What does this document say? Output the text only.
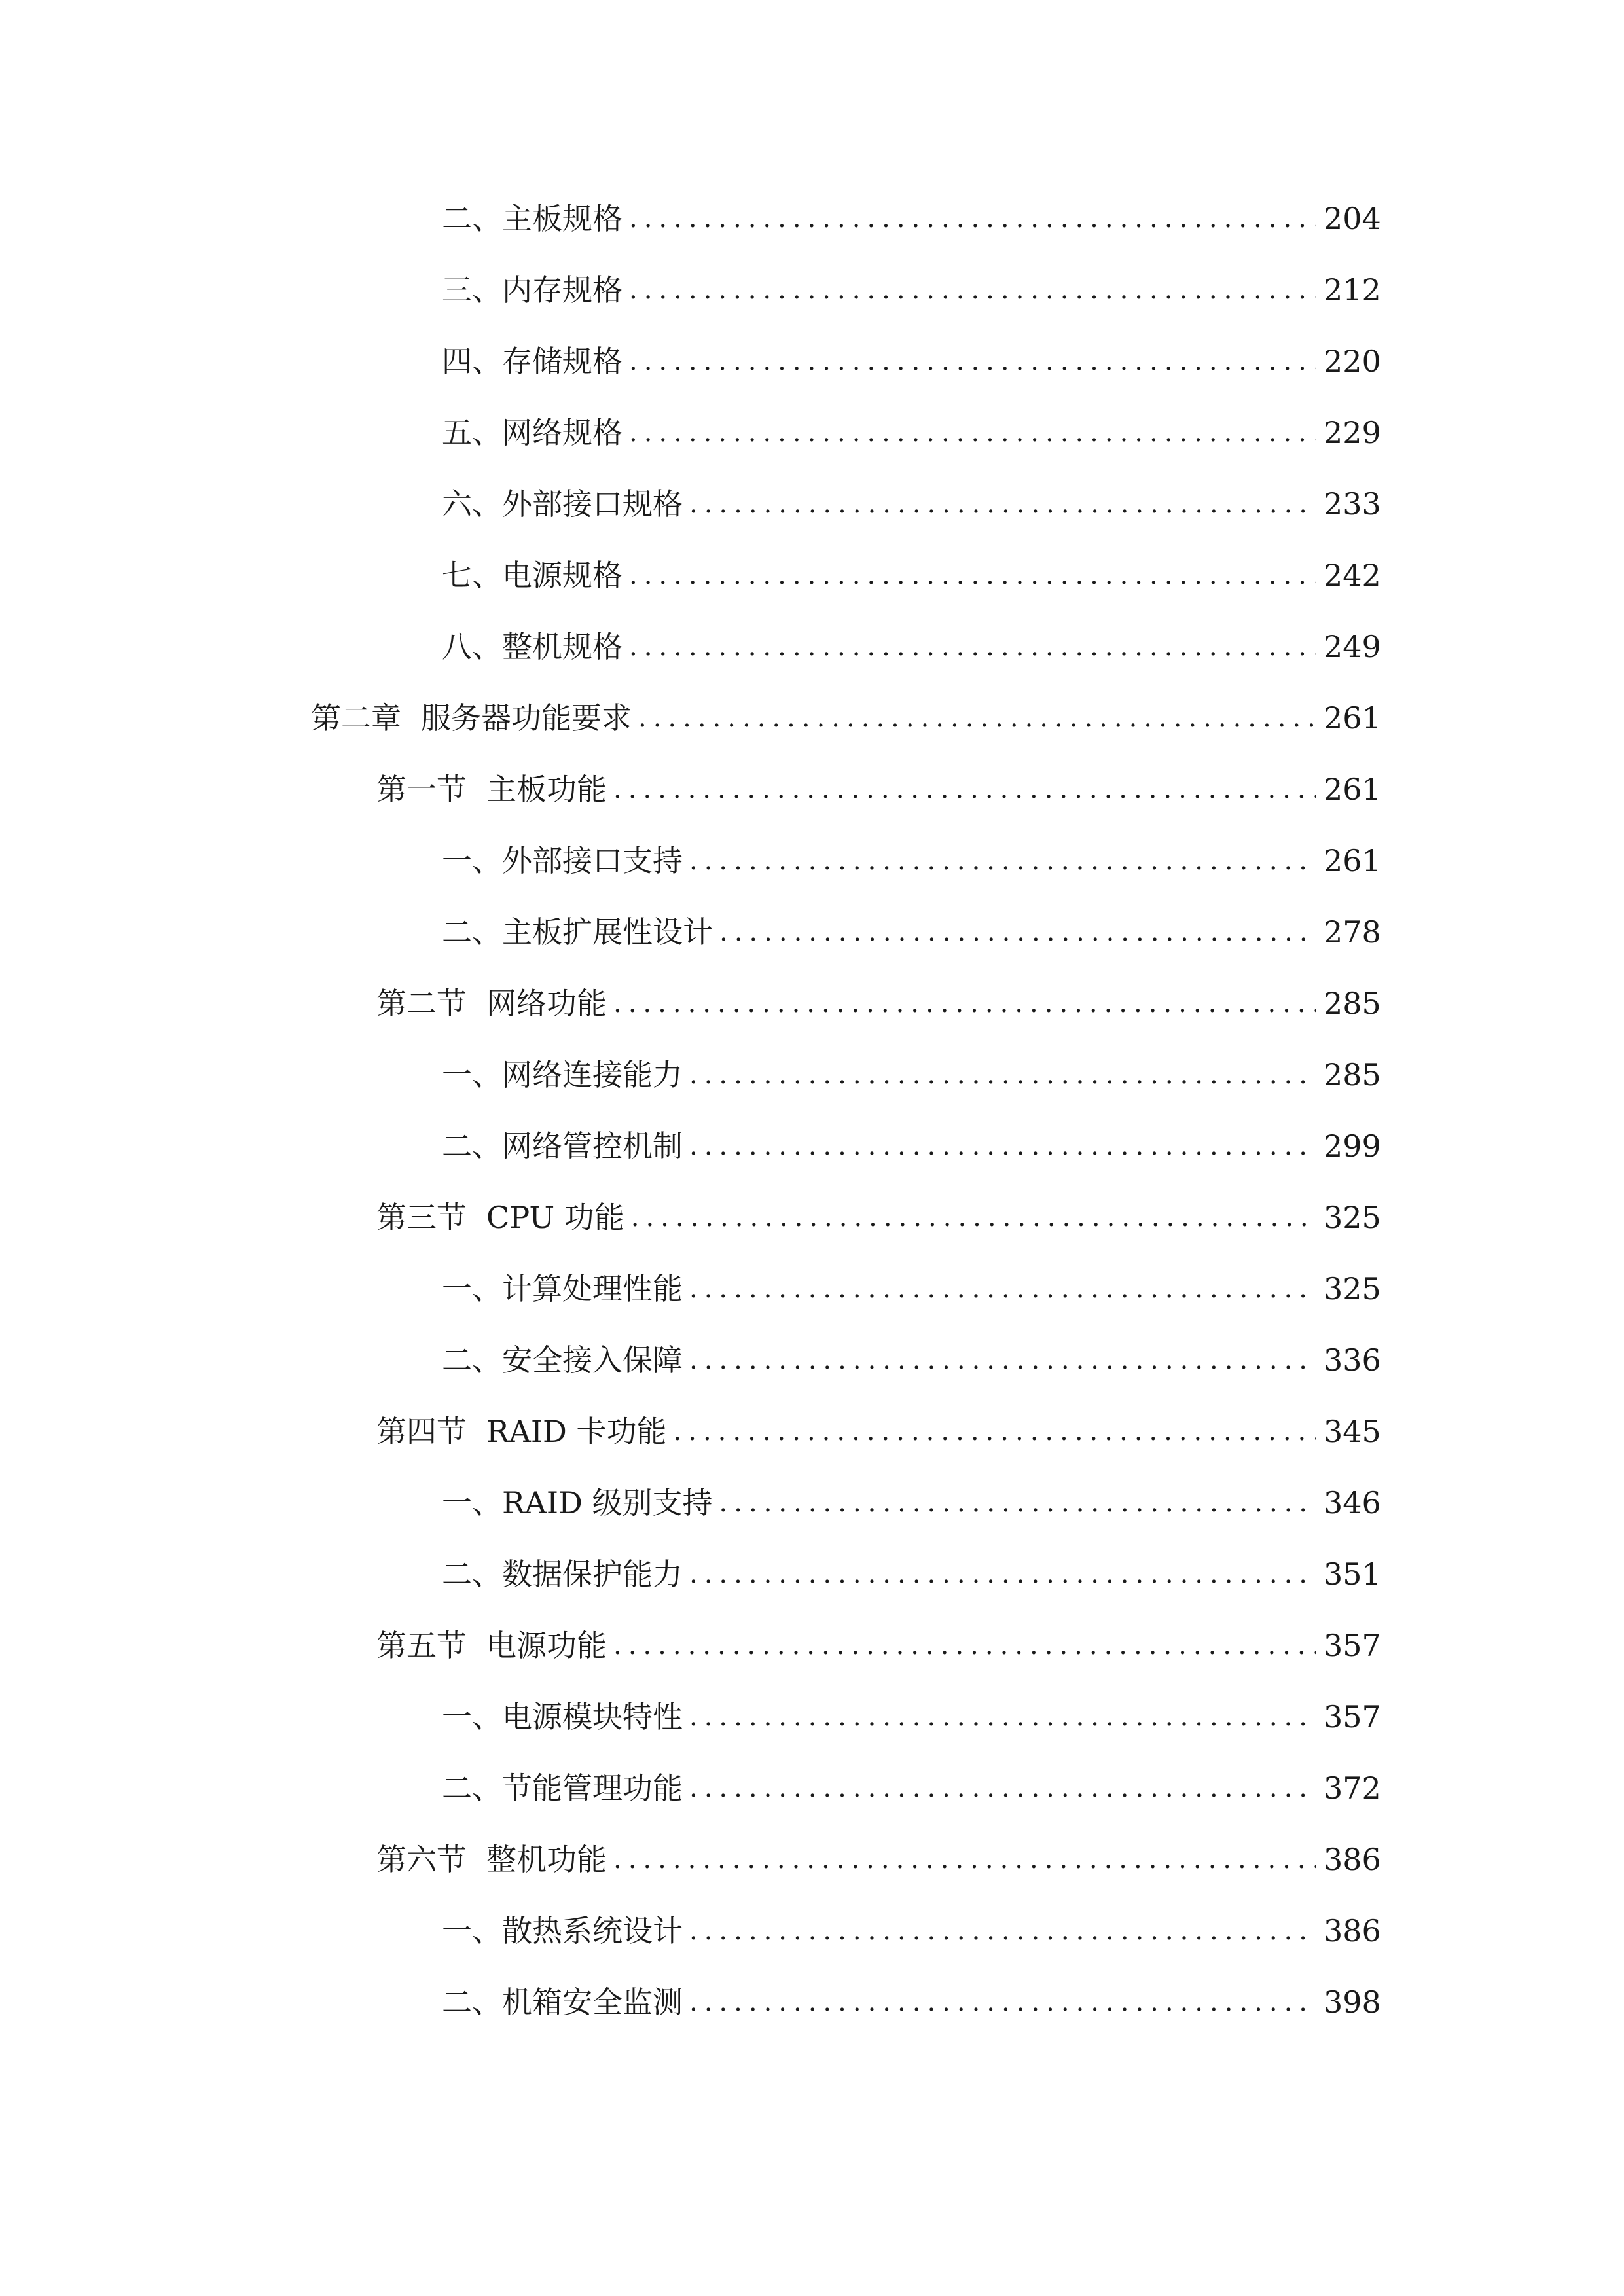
二、 主板规格 .....	204
三、 内存规格 .....	212
四、 存储规格 .....	220
五、 网络规格 .....	229
六、 外部接口规格 .....	233
七、 电源规格 .....	242
八、 整机规格 .....	249
第二章 服务器功能要求 .....	261
第一节 主板功能 .....	261
一、 外部接口支持 .....	261
二、 主板扩展性设计 .....	278
第二节 网络功能 .....	285
一、 网络连接能力 .....	285
二、 网络管控机制 .....	299
第三节 CPU 功能 .....	325
一、 计算处理性能 .....	325
二、 安全接入保障 .....	336
第四节 RAID 卡功能 .....	345
一、 RAID 级别支持 .....	346
二、 数据保护能力 .....	351
第五节 电源功能 .....	357
一、 电源模块特性 .....	357
二、 节能管理功能 .....	372
第六节 整机功能 .....	386
一、 散热系统设计 .....	386
二、 机箱安全监测 .....	398
